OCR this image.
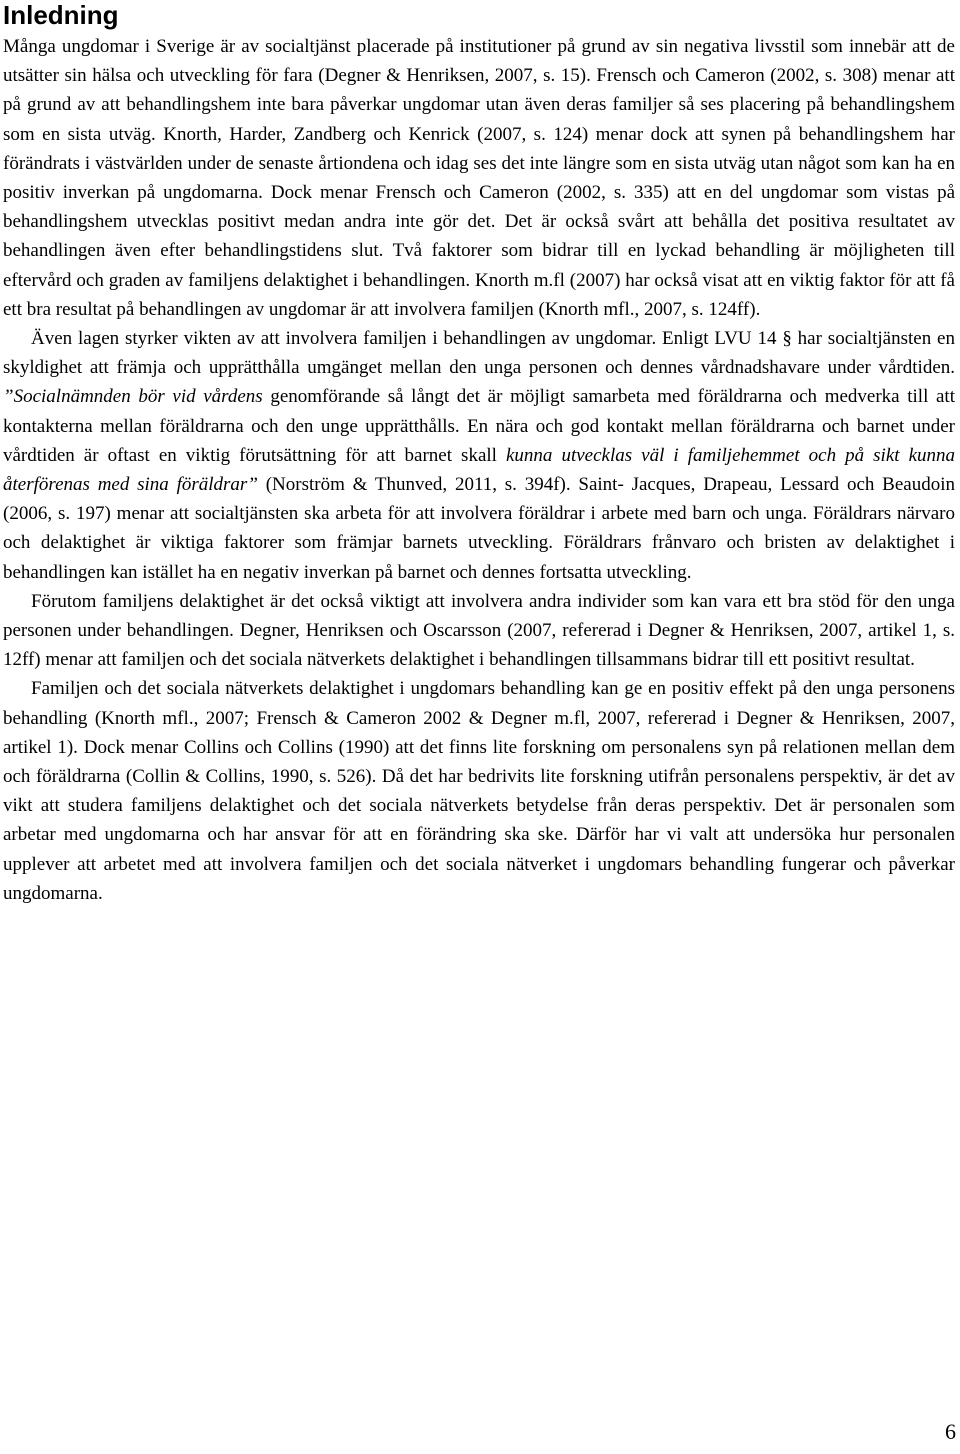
Inledning

Många ungdomar i Sverige är av socialtjänst placerade på institutioner på grund av sin negativa livsstil som innebär att de utsätter sin hälsa och utveckling för fara (Degner & Henriksen, 2007, s. 15). Frensch och Cameron (2002, s. 308) menar att på grund av att behandlingshem inte bara påverkar ungdomar utan även deras familjer så ses placering på behandlingshem som en sista utväg. Knorth, Harder, Zandberg och Kenrick (2007, s. 124) menar dock att synen på behandlingshem har förändrats i västvärlden under de senaste årtiondena och idag ses det inte längre som en sista utväg utan något som kan ha en positiv inverkan på ungdomarna. Dock menar Frensch och Cameron (2002, s. 335) att en del ungdomar som vistas på behandlingshem utvecklas positivt medan andra inte gör det. Det är också svårt att behålla det positiva resultatet av behandlingen även efter behandlingstidens slut. Två faktorer som bidrar till en lyckad behandling är möjligheten till eftervård och graden av familjens delaktighet i behandlingen. Knorth m.fl (2007) har också visat att en viktig faktor för att få ett bra resultat på behandlingen av ungdomar är att involvera familjen (Knorth mfl., 2007, s. 124ff).

Även lagen styrker vikten av att involvera familjen i behandlingen av ungdomar. Enligt LVU 14 § har socialtjänsten en skyldighet att främja och upprätthålla umgänget mellan den unga personen och dennes vårdnadshavare under vårdtiden. ”Socialnämnden bör vid vårdens genomförande så långt det är möjligt samarbeta med föräldrarna och medverka till att kontakterna mellan föräldrarna och den unge upprätthålls. En nära och god kontakt mellan föräldrarna och barnet under vårdtiden är oftast en viktig förutsättning för att barnet skall kunna utvecklas väl i familjehemmet och på sikt kunna återförenas med sina föräldrar” (Norström & Thunved, 2011, s. 394f). Saint- Jacques, Drapeau, Lessard och Beaudoin (2006, s. 197) menar att socialtjänsten ska arbeta för att involvera föräldrar i arbete med barn och unga. Föräldrars närvaro och delaktighet är viktiga faktorer som främjar barnets utveckling. Föräldrars frånvaro och bristen av delaktighet i behandlingen kan istället ha en negativ inverkan på barnet och dennes fortsatta utveckling.

Förutom familjens delaktighet är det också viktigt att involvera andra individer som kan vara ett bra stöd för den unga personen under behandlingen. Degner, Henriksen och Oscarsson (2007, refererad i Degner & Henriksen, 2007, artikel 1, s. 12ff) menar att familjen och det sociala nätverkets delaktighet i behandlingen tillsammans bidrar till ett positivt resultat.

Familjen och det sociala nätverkets delaktighet i ungdomars behandling kan ge en positiv effekt på den unga personens behandling (Knorth mfl., 2007; Frensch & Cameron 2002 & Degner m.fl, 2007, refererad i Degner & Henriksen, 2007, artikel 1). Dock menar Collins och Collins (1990) att det finns lite forskning om personalens syn på relationen mellan dem och föräldrarna (Collin & Collins, 1990, s. 526). Då det har bedrivits lite forskning utifrån personalens perspektiv, är det av vikt att studera familjens delaktighet och det sociala nätverkets betydelse från deras perspektiv. Det är personalen som arbetar med ungdomarna och har ansvar för att en förändring ska ske. Därför har vi valt att undersöka hur personalen upplever att arbetet med att involvera familjen och det sociala nätverket i ungdomars behandling fungerar och påverkar ungdomarna.

6
